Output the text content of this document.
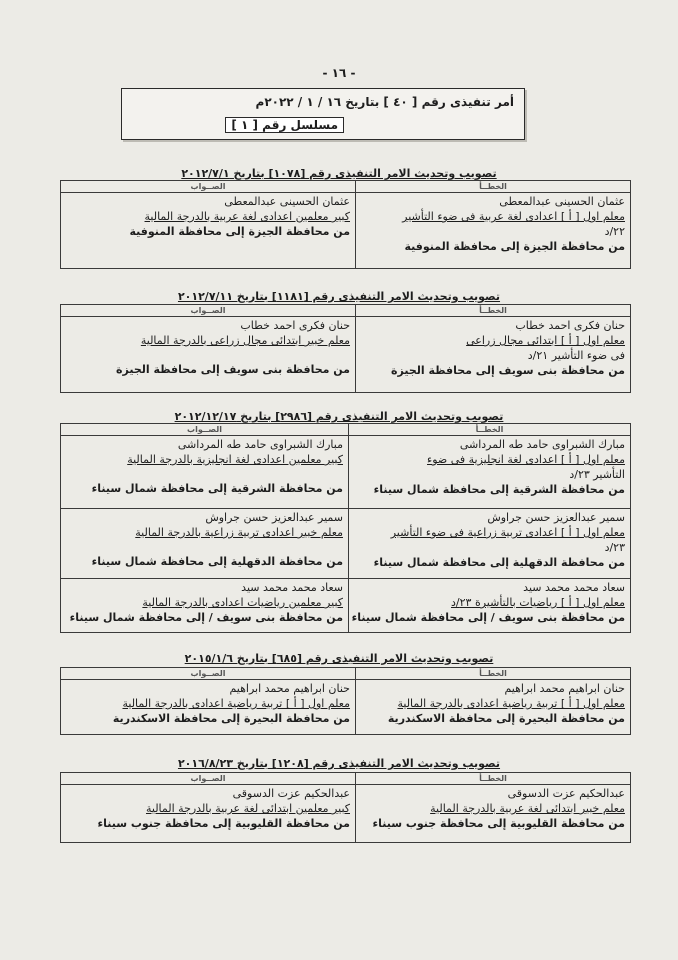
- ١٦ -
أمر تنفيذى رقم [ ٤٠ ] بتاريخ ١٦ / ١ / ٢٠٢٢م
مسلسل رقم [ ١ ]
تصويب وتحديث الامر التنفيذى رقم [١٠٧٨] بتاريخ ٢٠١٢/٧/١
الخطــأ	الصــواب

عثمان الحسينى عبدالمعطى
معلم اول [ أ ] اعدادى لغة عربية فى ضوء التأشير
٢٢/د
من محافظة الجيزة إلى محافظة المنوفية	عثمان الحسينى عبدالمعطى
كبير معلمين اعدادى لغة عربية بالدرجة المالية
من محافظة الجيزة إلى محافظة المنوفية
تصويب وتحديث الامر التنفيذى رقم [١١٨١] بتاريخ ٢٠١٢/٧/١١
الخطــأ	الصــواب

حنان فكرى احمد خطاب
معلم اول [ أ ] ابتدائى مجال زراعى
فى ضوء التأشير ٢١/د
من محافظة بنى سويف إلى محافظة الجيزة	حنان فكرى احمد خطاب
معلم خبير ابتدائى مجال زراعى بالدرجة المالية
من محافظة بنى سويف إلى محافظة الجيزة
تصويب وتحديث الامر التنفيذى رقم [٢٩٨٦] بتاريخ ٢٠١٢/١٢/١٧
الخطــأ	الصــواب

مبارك الشبراوى حامد طه المرداشى
معلم اول [ أ ] اعدادى لغة انجليزية فى ضوء
التأشير ٢٣/د
من محافظة الشرقية إلى محافظة شمال سيناء	مبارك الشبراوى حامد طه المرداشى
كبير معلمين اعدادى لغة انجليزية بالدرجة المالية
من محافظة الشرقية إلى محافظة شمال سيناء

سمير عبدالعزيز حسن جراوش
معلم اول [ أ ] اعدادى تربية زراعية فى ضوء التأشير
٢٣/د
من محافظة الدقهلية إلى محافظة شمال سيناء	سمير عبدالعزيز حسن جراوش
معلم خبير اعدادى تربية زراعية بالدرجة المالية
من محافظة الدقهلية إلى محافظة شمال سيناء

سعاد محمد محمد سيد
معلم اول [ أ ] رياضيات بالتأشيرة ٢٣/د
من محافظة بنى سويف / إلى محافظة شمال سيناء	سعاد محمد محمد سيد
كبير معلمين رياضيات اعدادى بالدرجة المالية
من محافظة بنى سويف / إلى محافظة شمال سيناء
تصويب وتحديث الامر التنفيذى رقم [٦٨٥] بتاريخ ٢٠١٥/١/٦
الخطــأ	الصــواب

حنان ابراهيم محمد ابراهيم
معلم اول [ أ ] تربية رياضية اعدادى بالدرجة المالية
من محافظة البحيرة إلى محافظة الاسكندرية	حنان ابراهيم محمد ابراهيم
معلم اول [ أ ] تربية رياضية اعدادى بالدرجة المالية
من محافظة البحيرة إلى محافظة الاسكندرية
تصويب وتحديث الامر التنفيذى رقم [١٢٠٨] بتاريخ ٢٠١٦/٨/٢٣
الخطــأ	الصــواب

عبدالحكيم عزت الدسوقى
معلم خبير ابتدائى لغة عربية بالدرجة المالية
من محافظة القليوبية إلى محافظة جنوب سيناء	عبدالحكيم عزت الدسوقى
كبير معلمين ابتدائى لغة عربية بالدرجة المالية
من محافظة القليوبية إلى محافظة جنوب سيناء
